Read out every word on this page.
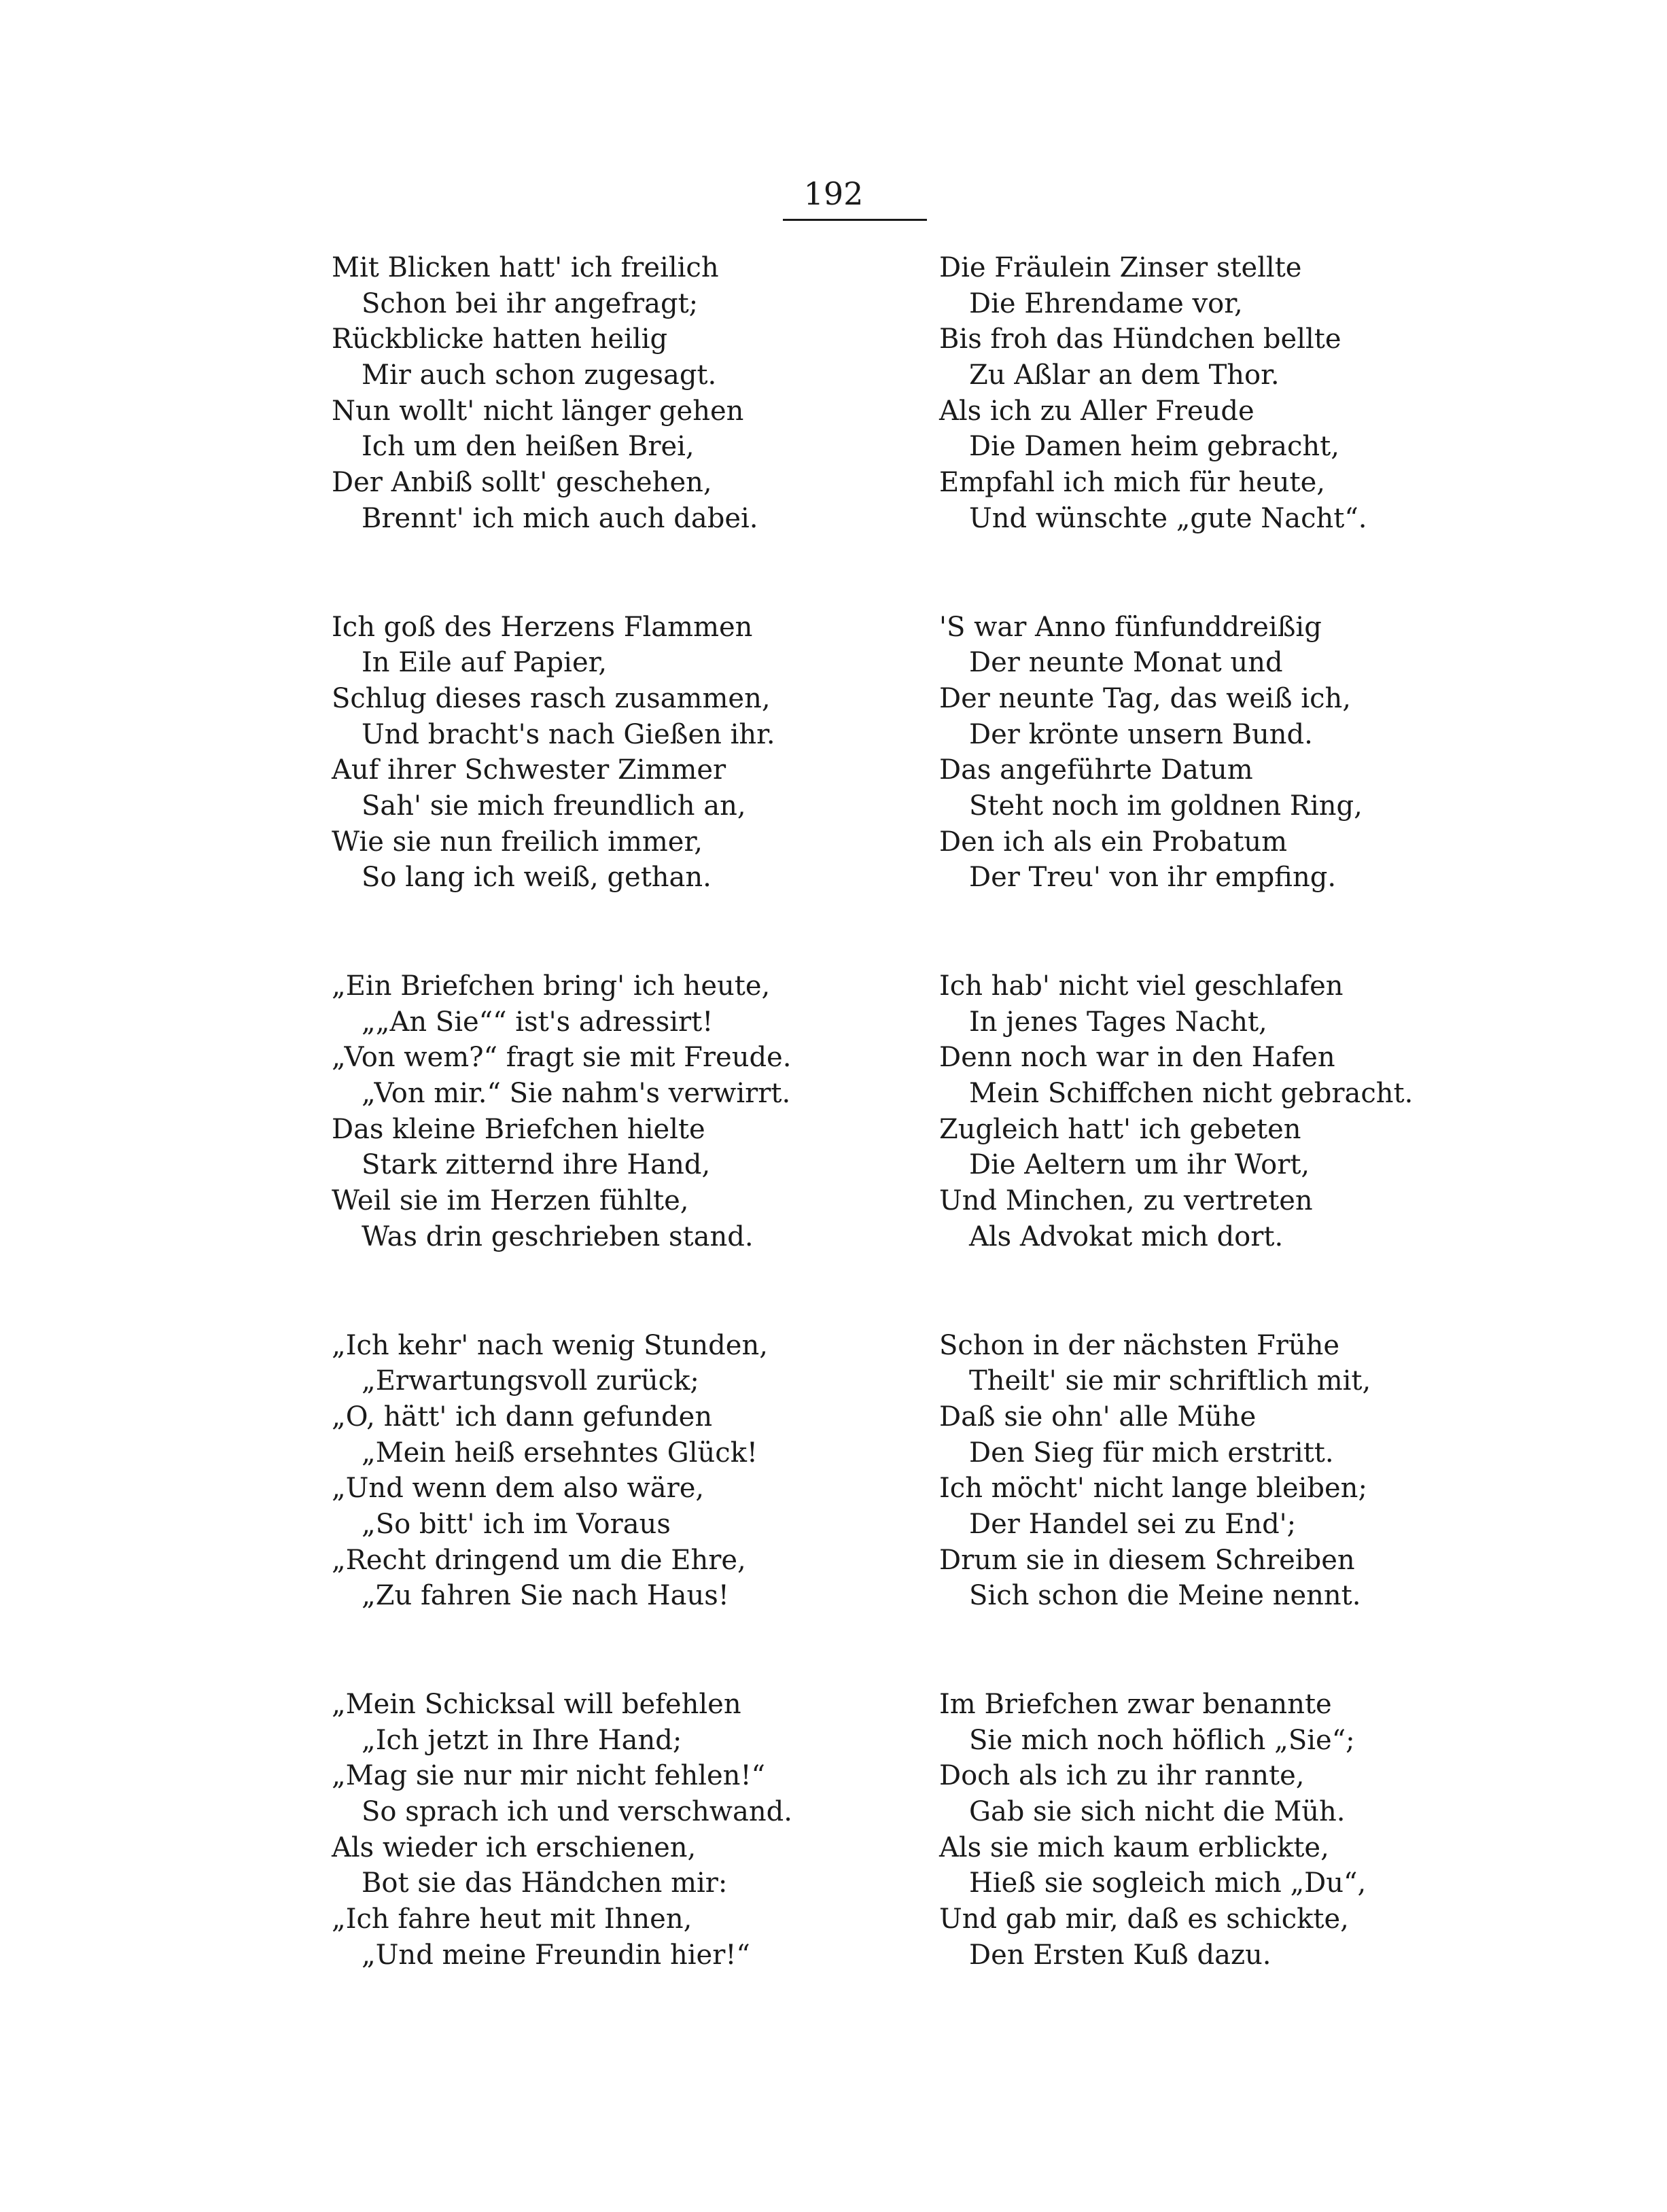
192
Mit Blicken hatt' ich freilich
Schon bei ihr angefragt;
Rückblicke hatten heilig
Mir auch schon zugesagt.
Nun wollt' nicht länger gehen
Ich um den heißen Brei,
Der Anbiß sollt' geschehen,
Brennt' ich mich auch dabei.
Ich goß des Herzens Flammen
In Eile auf Papier,
Schlug dieses rasch zusammen,
Und bracht's nach Gießen ihr.
Auf ihrer Schwester Zimmer
Sah' sie mich freundlich an,
Wie sie nun freilich immer,
So lang ich weiß, gethan.
„Ein Briefchen bring' ich heute,
„„An Sie““ ist's adressirt!
„Von wem?“ fragt sie mit Freude.
„Von mir.“ Sie nahm's verwirrt.
Das kleine Briefchen hielte
Stark zitternd ihre Hand,
Weil sie im Herzen fühlte,
Was drin geschrieben stand.
„Ich kehr' nach wenig Stunden,
„Erwartungsvoll zurück;
„O, hätt' ich dann gefunden
„Mein heiß ersehntes Glück!
„Und wenn dem also wäre,
„So bitt' ich im Voraus
„Recht dringend um die Ehre,
„Zu fahren Sie nach Haus!
„Mein Schicksal will befehlen
„Ich jetzt in Ihre Hand;
„Mag sie nur mir nicht fehlen!“
So sprach ich und verschwand.
Als wieder ich erschienen,
Bot sie das Händchen mir:
„Ich fahre heut mit Ihnen,
„Und meine Freundin hier!“
Die Fräulein Zinser stellte
Die Ehrendame vor,
Bis froh das Hündchen bellte
Zu Aßlar an dem Thor.
Als ich zu Aller Freude
Die Damen heim gebracht,
Empfahl ich mich für heute,
Und wünschte „gute Nacht“.
'S war Anno fünfunddreißig
Der neunte Monat und
Der neunte Tag, das weiß ich,
Der krönte unsern Bund.
Das angeführte Datum
Steht noch im goldnen Ring,
Den ich als ein Probatum
Der Treu' von ihr empfing.
Ich hab' nicht viel geschlafen
In jenes Tages Nacht,
Denn noch war in den Hafen
Mein Schiffchen nicht gebracht.
Zugleich hatt' ich gebeten
Die Aeltern um ihr Wort,
Und Minchen, zu vertreten
Als Advokat mich dort.
Schon in der nächsten Frühe
Theilt' sie mir schriftlich mit,
Daß sie ohn' alle Mühe
Den Sieg für mich erstritt.
Ich möcht' nicht lange bleiben;
Der Handel sei zu End';
Drum sie in diesem Schreiben
Sich schon die Meine nennt.
Im Briefchen zwar benannte
Sie mich noch höflich „Sie“;
Doch als ich zu ihr rannte,
Gab sie sich nicht die Müh.
Als sie mich kaum erblickte,
Hieß sie sogleich mich „Du“,
Und gab mir, daß es schickte,
Den Ersten Kuß dazu.
